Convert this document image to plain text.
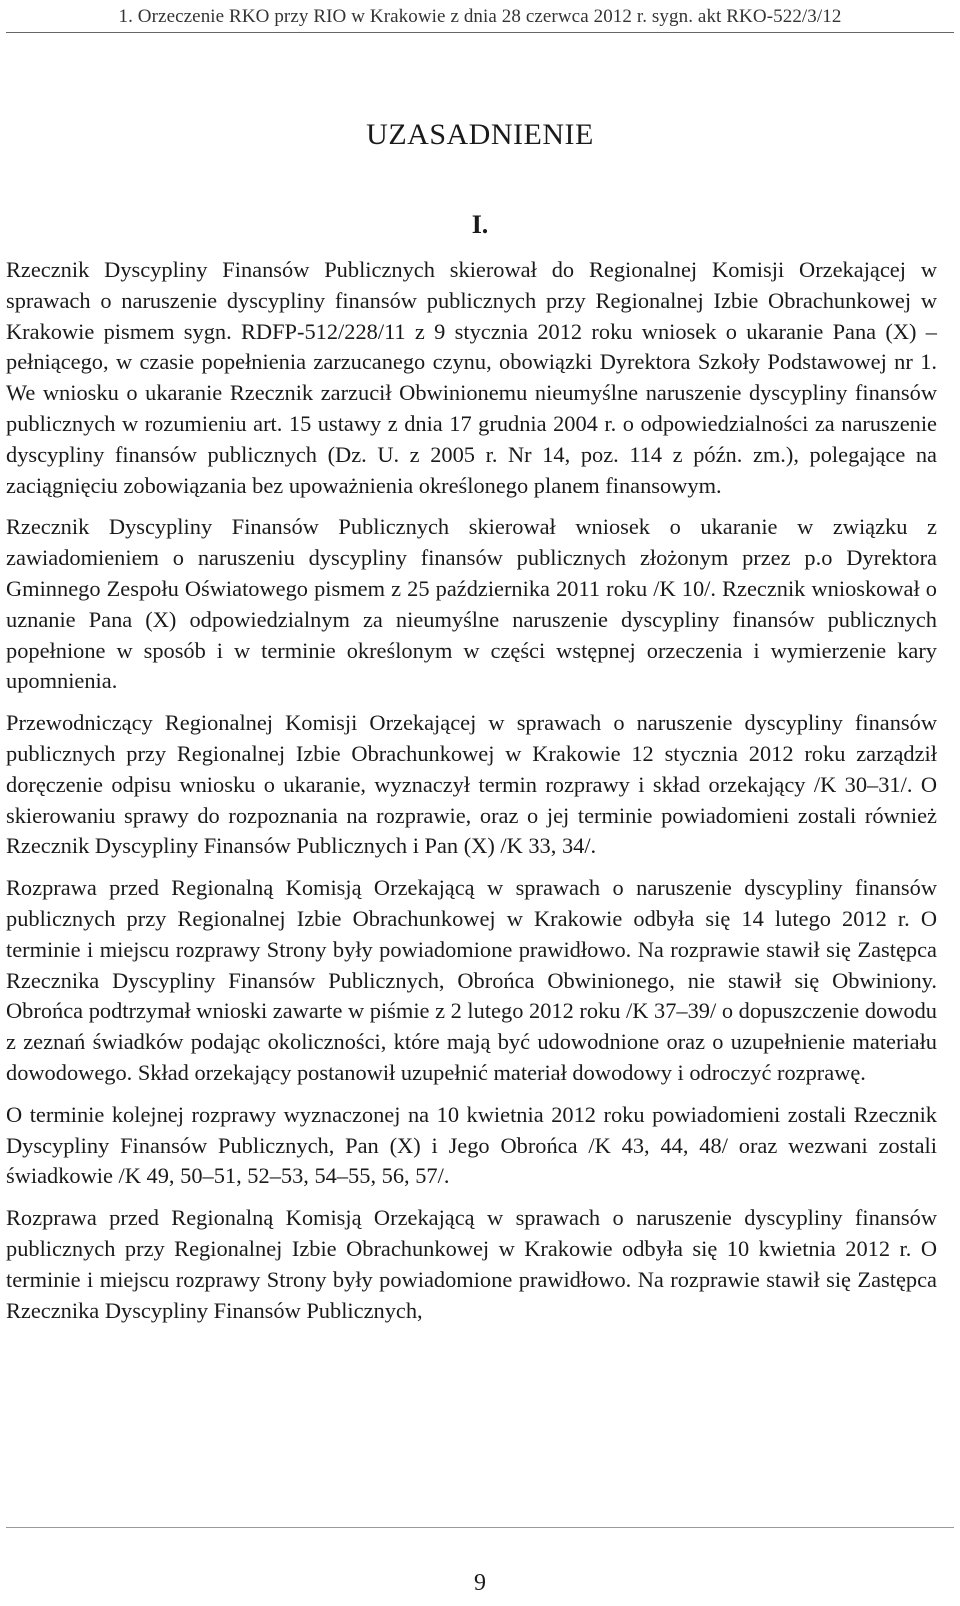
1. Orzeczenie RKO przy RIO w Krakowie z dnia 28 czerwca 2012 r. sygn. akt RKO-522/3/12
UZASADNIENIE
I.

Rzecznik Dyscypliny Finansów Publicznych skierował do Regionalnej Komisji Orzekającej w sprawach o naruszenie dyscypliny finansów publicznych przy Regionalnej Izbie Obrachunkowej w Krakowie pismem sygn. RDFP-512/228/11 z 9 stycznia 2012 roku wniosek o ukaranie Pana (X) – pełniącego, w czasie popełnienia zarzucanego czynu, obowiązki Dyrektora Szkoły Podstawowej nr 1. We wniosku o ukaranie Rzecznik zarzucił Obwinionemu nieumyślne naruszenie dyscypliny finansów publicznych w rozumieniu art. 15 ustawy z dnia 17 grudnia 2004 r. o odpowiedzialności za naruszenie dyscypliny finansów publicznych (Dz. U. z 2005 r. Nr 14, poz. 114 z późn. zm.), polegające na zaciągnięciu zobowiązania bez upoważnienia określonego planem finansowym.

Rzecznik Dyscypliny Finansów Publicznych skierował wniosek o ukaranie w związku z zawiadomieniem o naruszeniu dyscypliny finansów publicznych złożonym przez p.o Dyrektora Gminnego Zespołu Oświatowego pismem z 25 października 2011 roku /K 10/. Rzecznik wnioskował o uznanie Pana (X) odpowiedzialnym za nieumyślne naruszenie dyscypliny finansów publicznych popełnione w sposób i w terminie określonym w części wstępnej orzeczenia i wymierzenie kary upomnienia.

Przewodniczący Regionalnej Komisji Orzekającej w sprawach o naruszenie dyscypliny finansów publicznych przy Regionalnej Izbie Obrachunkowej w Krakowie 12 stycznia 2012 roku zarządził doręczenie odpisu wniosku o ukaranie, wyznaczył termin rozprawy i skład orzekający /K 30–31/. O skierowaniu sprawy do rozpoznania na rozprawie, oraz o jej terminie powiadomieni zostali również Rzecznik Dyscypliny Finansów Publicznych i Pan (X) /K 33, 34/.

Rozprawa przed Regionalną Komisją Orzekającą w sprawach o naruszenie dyscypliny finansów publicznych przy Regionalnej Izbie Obrachunkowej w Krakowie odbyła się 14 lutego 2012 r. O terminie i miejscu rozprawy Strony były powiadomione prawidłowo. Na rozprawie stawił się Zastępca Rzecznika Dyscypliny Finansów Publicznych, Obrońca Obwinionego, nie stawił się Obwiniony. Obrońca podtrzymał wnioski zawarte w piśmie z 2 lutego 2012 roku /K 37–39/ o dopuszczenie dowodu z zeznań świadków podając okoliczności, które mają być udowodnione oraz o uzupełnienie materiału dowodowego. Skład orzekający postanowił uzupełnić materiał dowodowy i odroczyć rozprawę.

O terminie kolejnej rozprawy wyznaczonej na 10 kwietnia 2012 roku powiadomieni zostali Rzecznik Dyscypliny Finansów Publicznych, Pan (X) i Jego Obrońca /K 43, 44, 48/ oraz wezwani zostali świadkowie /K 49, 50–51, 52–53, 54–55, 56, 57/.

Rozprawa przed Regionalną Komisją Orzekającą w sprawach o naruszenie dyscypliny finansów publicznych przy Regionalnej Izbie Obrachunkowej w Krakowie odbyła się 10 kwietnia 2012 r. O terminie i miejscu rozprawy Strony były powiadomione prawidłowo. Na rozprawie stawił się Zastępca Rzecznika Dyscypliny Finansów Publicznych,

9
